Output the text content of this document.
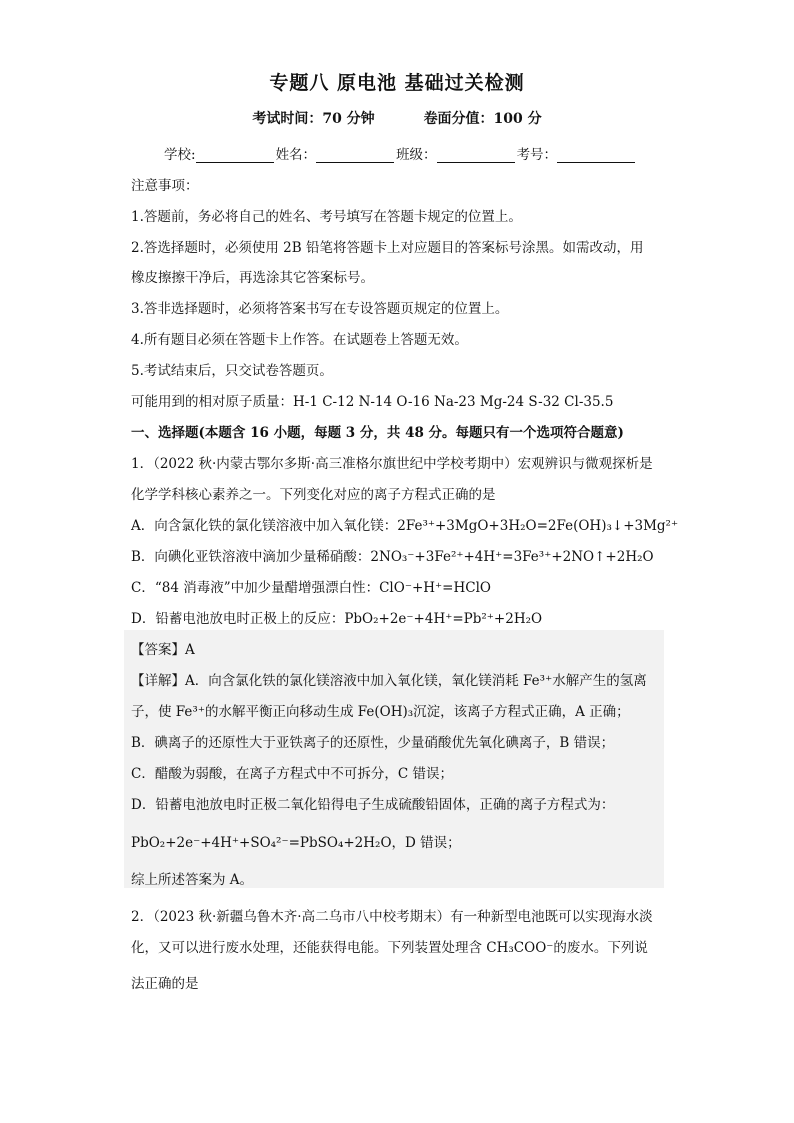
专题八 原电池 基础过关检测
考试时间：70 分钟	卷面分值：100 分
学校:	姓名：	班级：	考号：
注意事项：
1.答题前，务必将自己的姓名、考号填写在答题卡规定的位置上。
2.答选择题时，必须使用 2B 铅笔将答题卡上对应题目的答案标号涂黑。如需改动，用
橡皮擦擦干净后，再选涂其它答案标号。
3.答非选择题时，必须将答案书写在专设答题页规定的位置上。
4.所有题目必须在答题卡上作答。在试题卷上答题无效。
5.考试结束后，只交试卷答题页。
可能用到的相对原子质量：H-1 C-12 N-14 O-16 Na-23 Mg-24 S-32 Cl-35.5
一、选择题(本题含 16 小题，每题 3 分，共 48 分。每题只有一个选项符合题意)
1．（2022 秋·内蒙古鄂尔多斯·高三准格尔旗世纪中学校考期中）宏观辨识与微观探析是
化学学科核心素养之一。下列变化对应的离子方程式正确的是
A．向含氯化铁的氯化镁溶液中加入氧化镁：2Fe³⁺+3MgO+3H₂O=2Fe(OH)₃↓+3Mg²⁺
B．向碘化亚铁溶液中滴加少量稀硝酸：2NO₃⁻+3Fe²⁺+4H⁺=3Fe³⁺+2NO↑+2H₂O
C．“84 消毒液”中加少量醋增强漂白性：ClO⁻+H⁺=HClO
D．铅蓄电池放电时正极上的反应：PbO₂+2e⁻+4H⁺=Pb²⁺+2H₂O
【答案】A
【详解】A．向含氯化铁的氯化镁溶液中加入氧化镁，氧化镁消耗 Fe³⁺水解产生的氢离
子，使 Fe³⁺的水解平衡正向移动生成 Fe(OH)₃沉淀，该离子方程式正确，A 正确；
B．碘离子的还原性大于亚铁离子的还原性，少量硝酸优先氧化碘离子，B 错误；
C．醋酸为弱酸，在离子方程式中不可拆分，C 错误；
D．铅蓄电池放电时正极二氧化铅得电子生成硫酸铅固体，正确的离子方程式为：
PbO₂+2e⁻+4H⁺+SO₄²⁻=PbSO₄+2H₂O，D 错误；
综上所述答案为 A。
2．（2023 秋·新疆乌鲁木齐·高二乌市八中校考期末）有一种新型电池既可以实现海水淡
化，又可以进行废水处理，还能获得电能。下列装置处理含 CH₃COO⁻的废水。下列说
法正确的是
